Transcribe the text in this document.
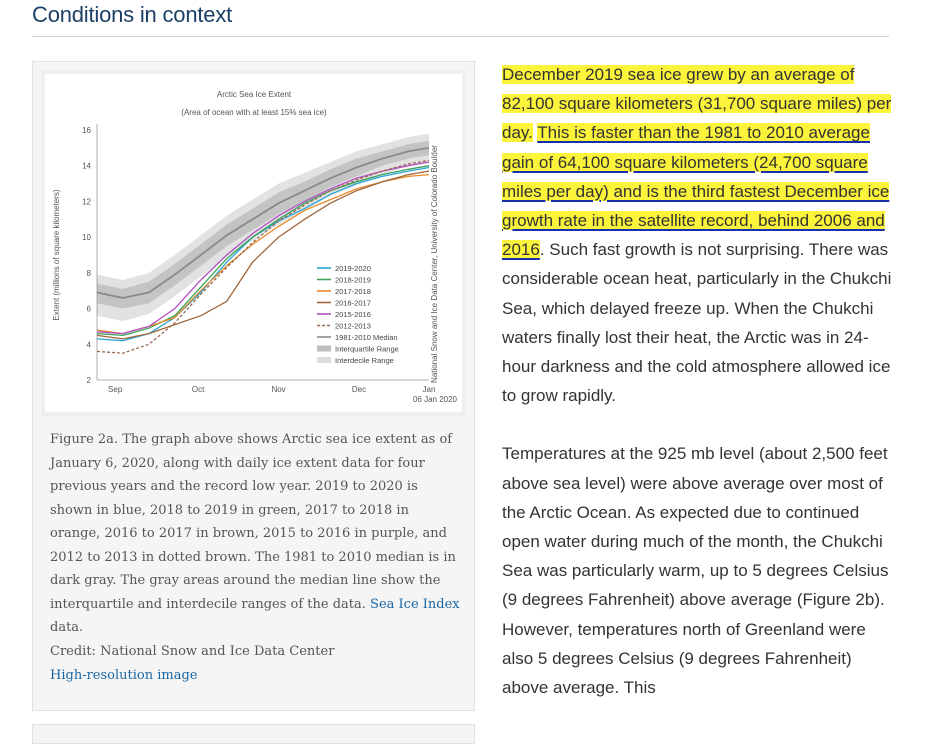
Conditions in context
Arctic Sea Ice Extent
(Area of ocean with at least 15% sea ice)
2
4
6
8
10
12
14
16
Extent (millions of square kilometers)
Sep	Oct	Nov	Dec	Jan
06 Jan 2020
National Snow and Ice Data Center, University of Colorado Boulder
2019-2020
2018-2019
2017-2018
2016-2017
2015-2016
2012-2013
1981-2010 Median
Interquartile Range
Interdecile Range
Figure 2a. The graph above shows Arctic sea ice extent as of January 6, 2020, along with daily ice extent data for four previous years and the record low year. 2019 to 2020 is shown in blue, 2018 to 2019 in green, 2017 to 2018 in orange, 2016 to 2017 in brown, 2015 to 2016 in purple, and 2012 to 2013 in dotted brown. The 1981 to 2010 median is in dark gray. The gray areas around the median line show the interquartile and interdecile ranges of the data. Sea Ice Index data.
Credit: National Snow and Ice Data Center
High-resolution image

December 2019 sea ice grew by an average of 82,100 square kilometers (31,700 square miles) per day. This is faster than the 1981 to 2010 average gain of 64,100 square kilometers (24,700 square miles per day) and is the third fastest December ice growth rate in the satellite record, behind 2006 and 2016. Such fast growth is not surprising. There was considerable ocean heat, particularly in the Chukchi Sea, which delayed freeze up. When the Chukchi waters finally lost their heat, the Arctic was in 24-hour darkness and the cold atmosphere allowed ice to grow rapidly.

Temperatures at the 925 mb level (about 2,500 feet above sea level) were above average over most of the Arctic Ocean. As expected due to continued open water during much of the month, the Chukchi Sea was particularly warm, up to 5 degrees Celsius (9 degrees Fahrenheit) above average (Figure 2b). However, temperatures north of Greenland were also 5 degrees Celsius (9 degrees Fahrenheit) above average. This
